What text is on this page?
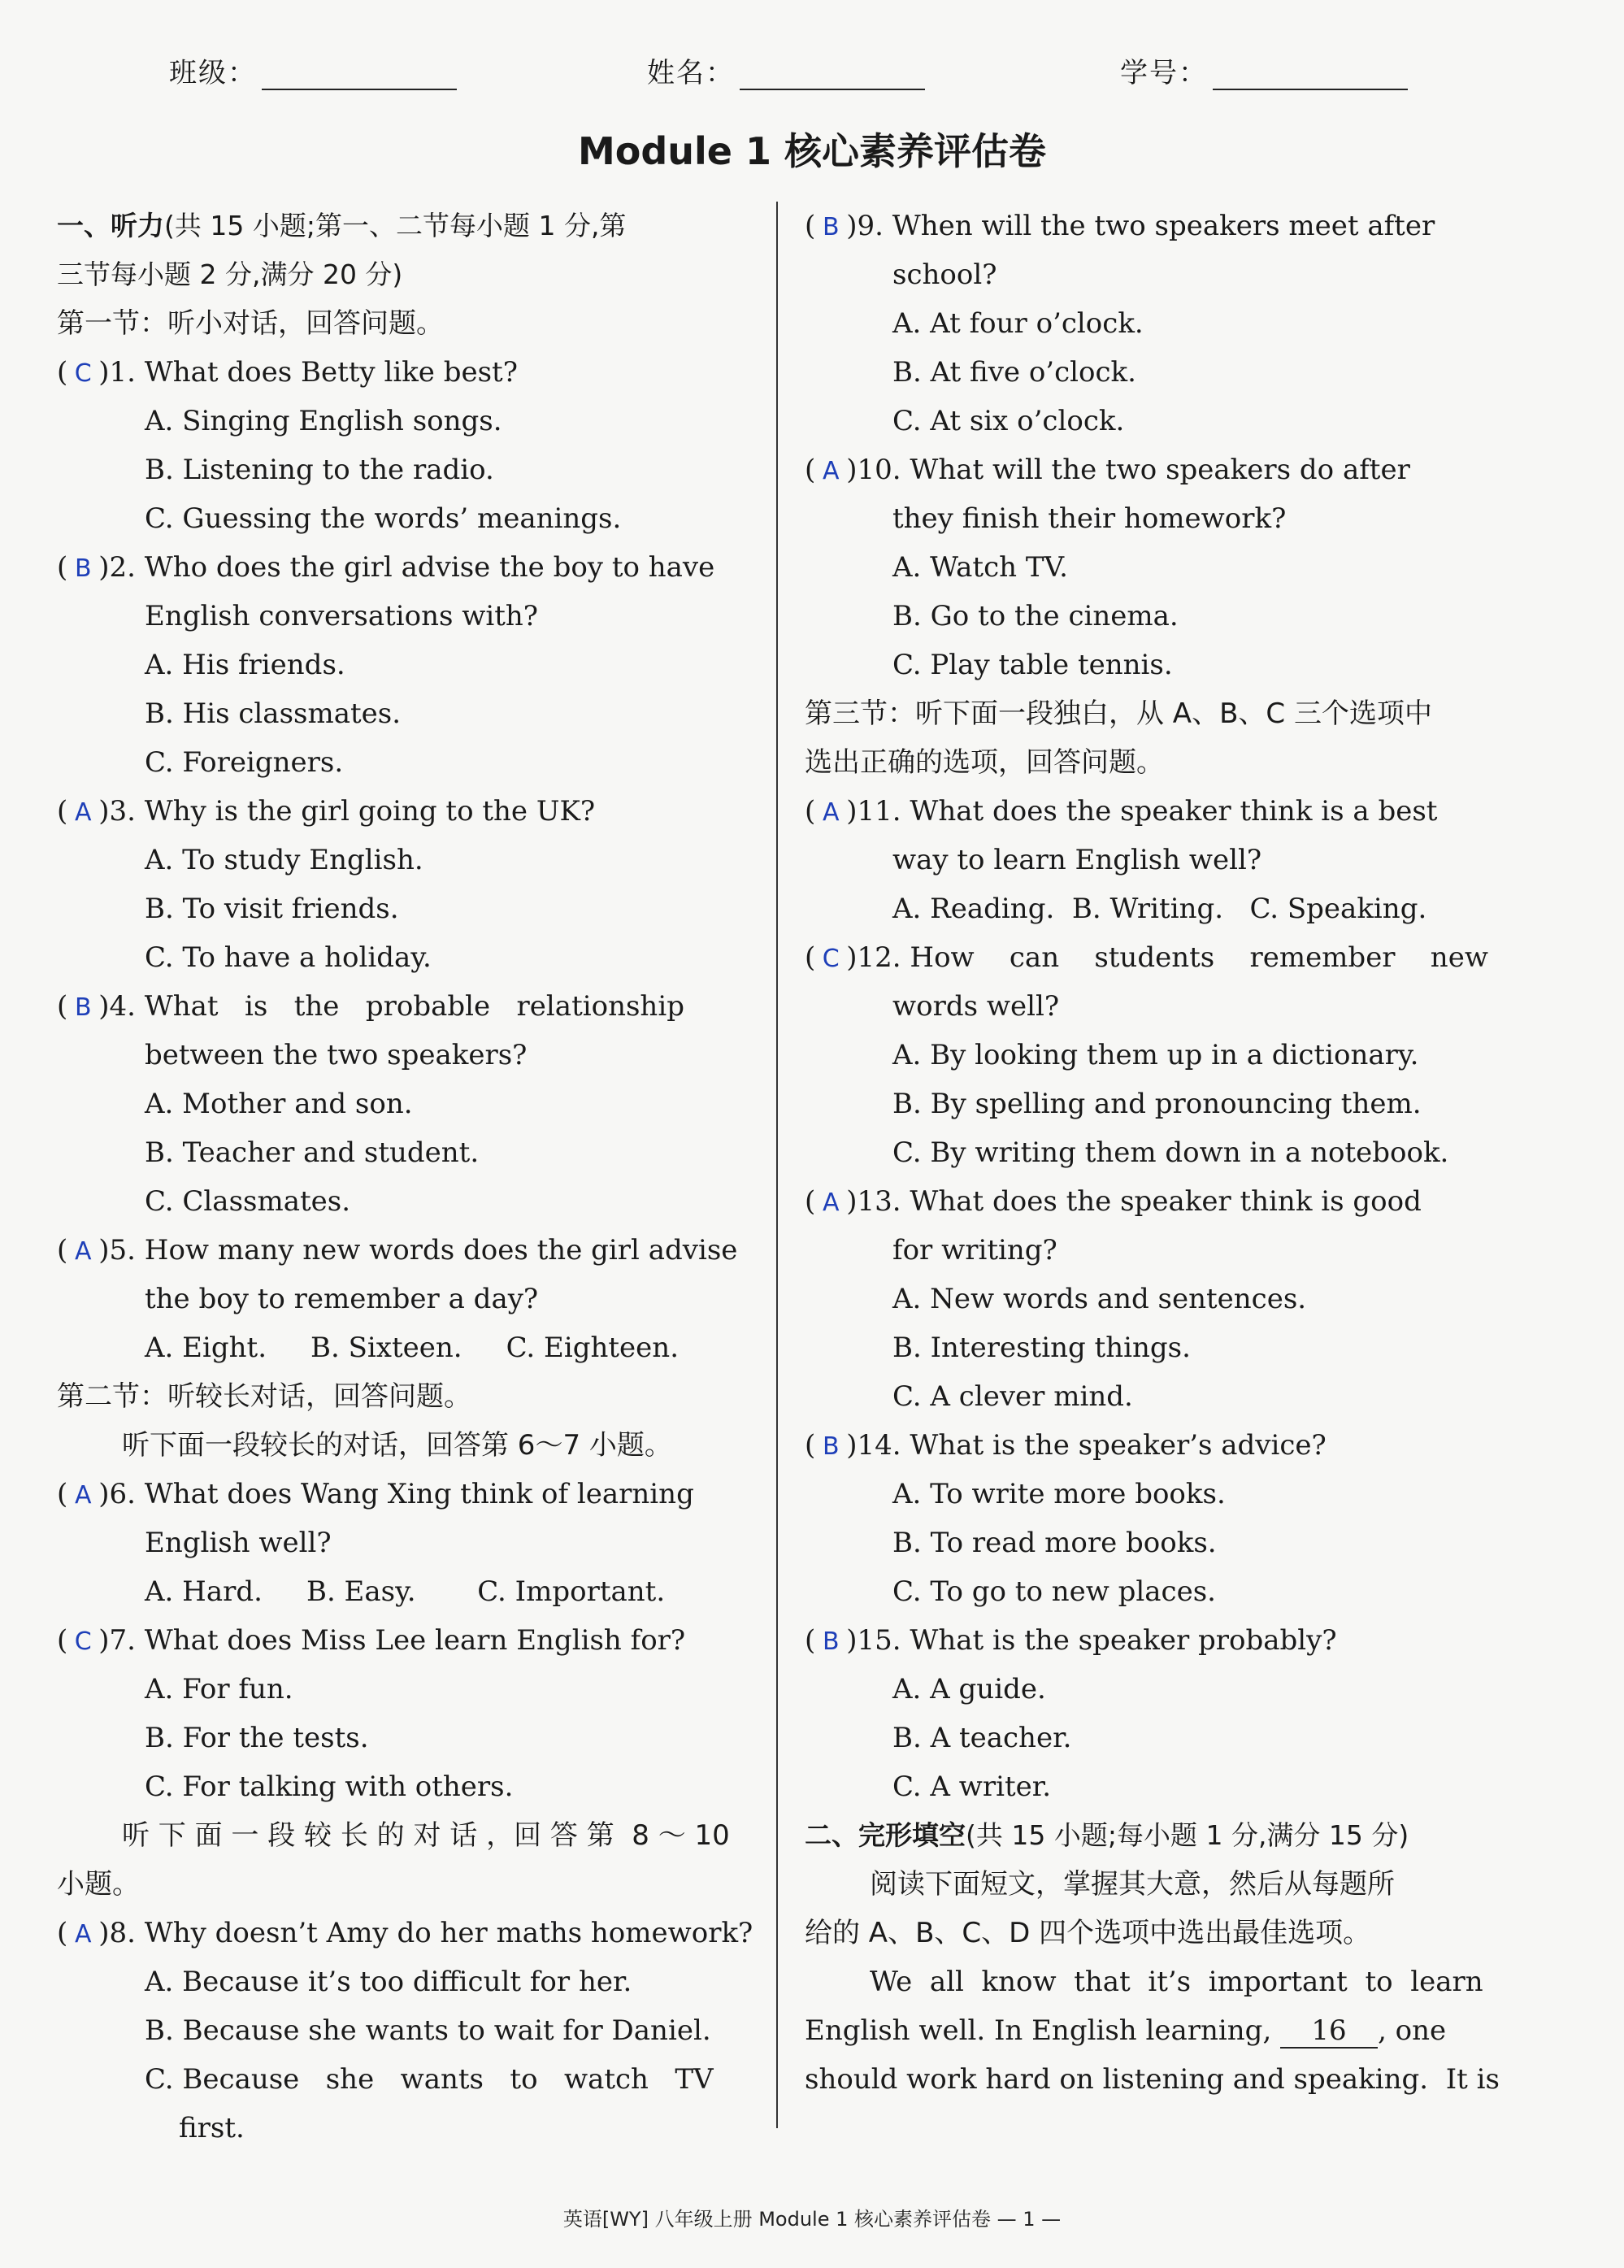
班级：	姓名：	学号：
Module 1 核心素养评估卷
一、听力(共 15 小题;第一、二节每小题 1 分,第
三节每小题 2 分,满分 20 分)
第一节：听小对话，回答问题。
( C )1. What does Betty like best?
A. Singing English songs.
B. Listening to the radio.
C. Guessing the words’ meanings.
( B )2. Who does the girl advise the boy to have
English conversations with?
A. His friends.
B. His classmates.
C. Foreigners.
( A )3. Why is the girl going to the UK?
A. To study English.
B. To visit friends.
C. To have a holiday.
( B )4. What   is   the   probable   relationship
between the two speakers?
A. Mother and son.
B. Teacher and student.
C. Classmates.
( A )5. How many new words does the girl advise
the boy to remember a day?
A. Eight.     B. Sixteen.     C. Eighteen.
第二节：听较长对话，回答问题。
听下面一段较长的对话，回答第 6～7 小题。
( A )6. What does Wang Xing think of learning
English well?
A. Hard.     B. Easy.       C. Important.
( C )7. What does Miss Lee learn English for?
A. For fun.
B. For the tests.
C. For talking with others.
听 下 面 一 段 较 长 的 对 话 ，回 答 第  8 ～ 10
小题。
( A )8. Why doesn’t Amy do her maths homework?
A. Because it’s too difficult for her.
B. Because she wants to wait for Daniel.
C. Because   she   wants   to   watch   TV
first.
( B )9. When will the two speakers meet after
school?
A. At four o’clock.
B. At five o’clock.
C. At six o’clock.
( A )10. What will the two speakers do after
they finish their homework?
A. Watch TV.
B. Go to the cinema.
C. Play table tennis.
第三节：听下面一段独白，从 A、B、C 三个选项中
选出正确的选项，回答问题。
( A )11. What does the speaker think is a best
way to learn English well?
A. Reading.  B. Writing.   C. Speaking.
( C )12. How    can    students    remember    new
words well?
A. By looking them up in a dictionary.
B. By spelling and pronouncing them.
C. By writing them down in a notebook.
( A )13. What does the speaker think is good
for writing?
A. New words and sentences.
B. Interesting things.
C. A clever mind.
( B )14. What is the speaker’s advice?
A. To write more books.
B. To read more books.
C. To go to new places.
( B )15. What is the speaker probably?
A. A guide.
B. A teacher.
C. A writer.
二、完形填空(共 15 小题;每小题 1 分,满分 15 分)
阅读下面短文，掌握其大意，然后从每题所
给的 A、B、C、D 四个选项中选出最佳选项。
We  all  know  that  it’s  important  to  learn
English well. In English learning, 16 , one
should work hard on listening and speaking.  It is
英语[WY] 八年级上册 Module 1 核心素养评估卷 — 1 —
